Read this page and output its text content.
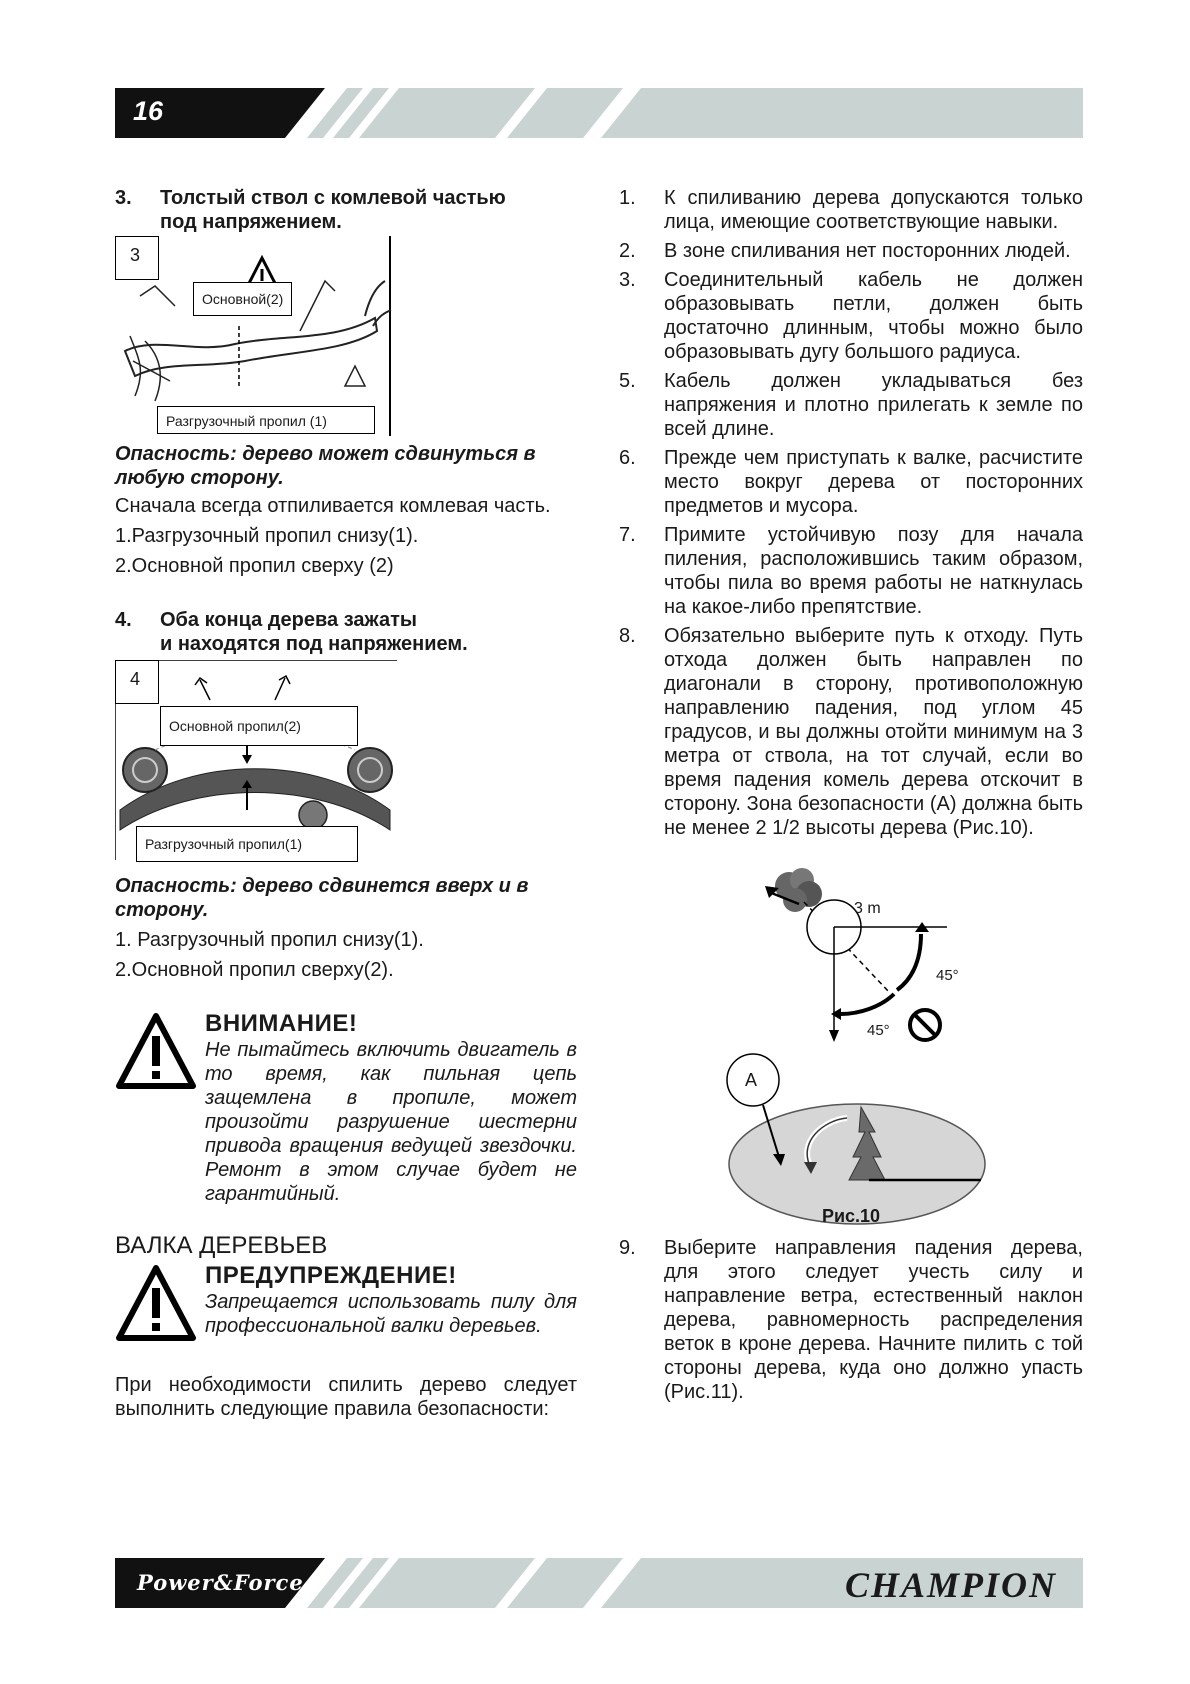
16
3.	Толстый ствол с комлевой частью
под напряжением.
3
Основной(2)
Разгрузочный пропил (1)
Опасность: дерево может сдвинуться в любую сторону.
Сначала всегда отпиливается комлевая часть.
1.Разгрузочный пропил снизу(1).
2.Основной пропил сверху (2)
4.	Оба конца дерева зажаты
и находятся под напряжением.
4
Основной пропил(2)
Разгрузочный пропил(1)
Опасность: дерево сдвинется вверх и в сторону.
1. Разгрузочный пропил снизу(1).
2.Основной пропил сверху(2).
ВНИМАНИЕ!
Не пытайтесь включить двигатель в то время, как пильная цепь защемлена в пропиле, может произойти разрушение шестерни привода вращения ведущей звездочки. Ремонт в этом случае будет не гарантийный.
ВАЛКА ДЕРЕВЬЕВ
ПРЕДУПРЕЖДЕНИЕ!
Запрещается использовать пилу для профессиональной валки деревьев.
При необходимости спилить дерево следует выполнить следующие правила безопасности:
1.	К спиливанию дерева допускаются только лица, имеющие соответствующие навыки.
2.	В зоне спиливания нет посторонних людей.
3.	Соединительный кабель не должен образовывать петли, должен быть достаточно длинным, чтобы можно было образовывать дугу большого радиуса.
5.	Кабель должен укладываться без напряжения и плотно прилегать к земле по всей длине.
6.	Прежде чем приступать к валке, расчистите место вокруг дерева от посторонних предметов и мусора.
7.	Примите устойчивую позу для начала пиления, расположившись таким образом, чтобы пила во время работы не наткнулась на какое-либо препятствие.
8.	Обязательно выберите путь к отходу. Путь отхода должен быть направлен по диагонали в сторону, противоположную направлению падения, под углом 45 градусов, и вы должны отойти минимум на 3 метра от ствола, на тот случай, если во время падения комель дерева отскочит в сторону. Зона безопасности (А) должна быть не менее 2 1/2 высоты дерева (Рис.10).
3 m
45°
45°
A
Рис.10
9.	Выберите направления падения дерева, для этого следует учесть силу и направление ветра, естественный наклон дерева, равномерность распределения веток в кроне дерева. Начните пилить с той стороны дерева, куда оно должно упасть (Рис.11).
Power&Force	CHAMPION
